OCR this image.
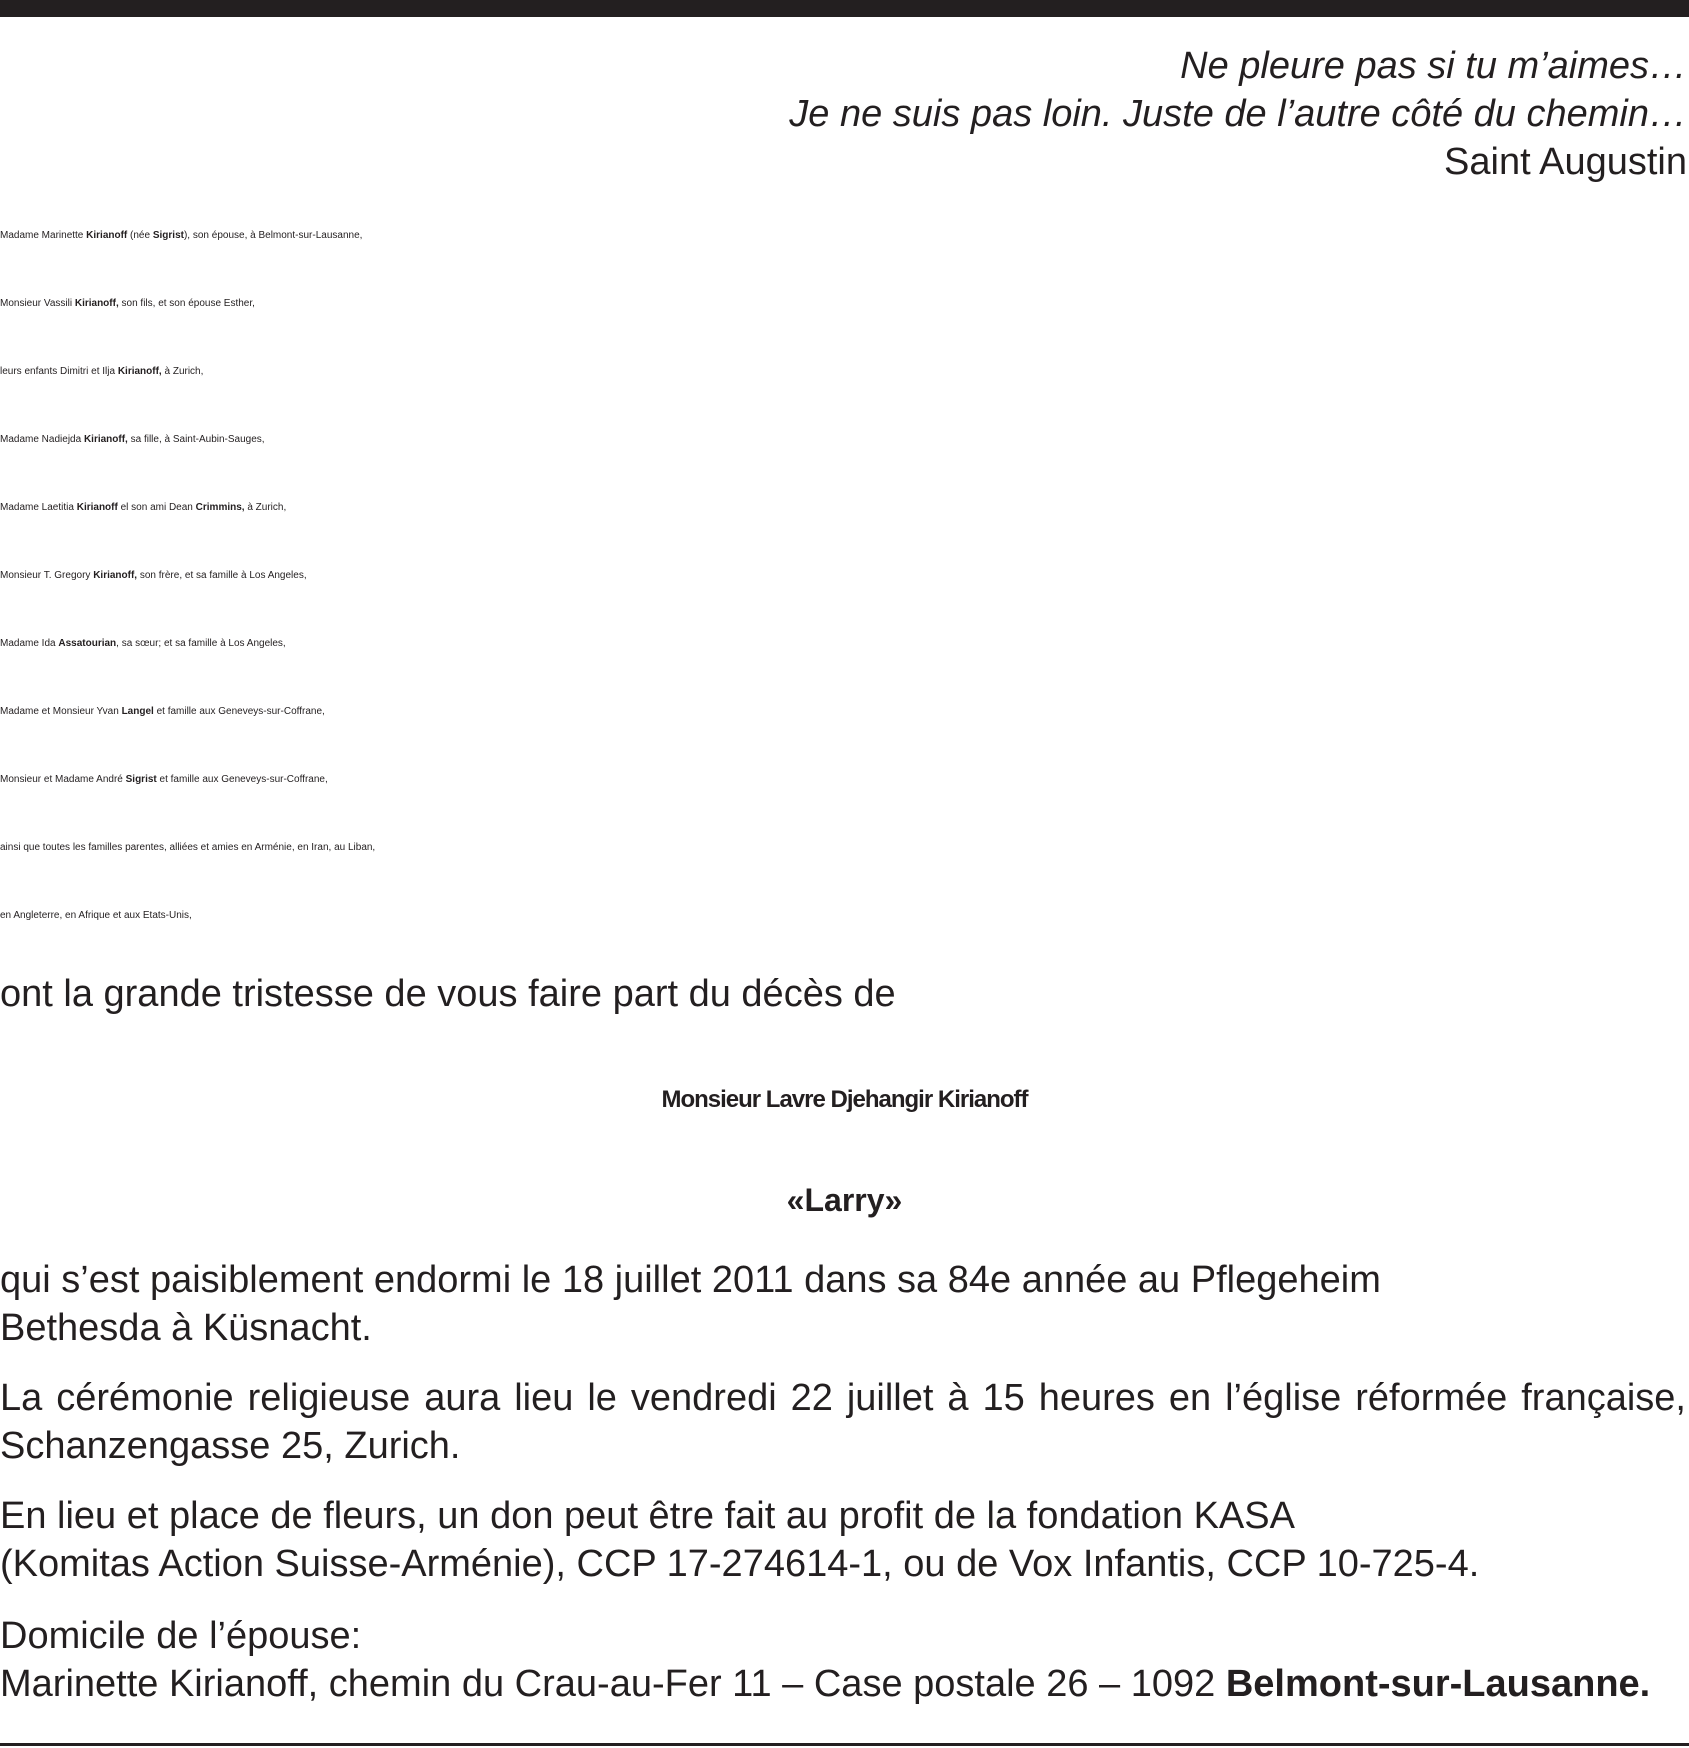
Ne pleure pas si tu m’aimes…
Je ne suis pas loin. Juste de l’autre côté du chemin…
Saint Augustin
Madame Marinette Kirianoff (née Sigrist), son épouse, à Belmont-sur-Lausanne,
Monsieur Vassili Kirianoff, son fils, et son épouse Esther,
leurs enfants Dimitri et Ilja Kirianoff, à Zurich,
Madame Nadiejda Kirianoff, sa fille, à Saint-Aubin-Sauges,
Madame Laetitia Kirianoff el son ami Dean Crimmins, à Zurich,
Monsieur T. Gregory Kirianoff, son frère, et sa famille à Los Angeles,
Madame Ida Assatourian, sa sœur; et sa famille à Los Angeles,
Madame et Monsieur Yvan Langel et famille aux Geneveys-sur-Coffrane,
Monsieur et Madame André Sigrist et famille aux Geneveys-sur-Coffrane,
ainsi que toutes les familles parentes, alliées et amies en Arménie, en Iran, au Liban,
en Angleterre, en Afrique et aux Etats-Unis,
ont la grande tristesse de vous faire part du décès de
Monsieur Lavre Djehangir Kirianoff
«Larry»
qui s’est paisiblement endormi le 18 juillet 2011 dans sa 84e année au Pflegeheim
Bethesda à Küsnacht.
La cérémonie religieuse aura lieu le vendredi 22 juillet à 15 heures en l’église réformée française,
Schanzengasse 25, Zurich.
En lieu et place de fleurs, un don peut être fait au profit de la fondation KASA
(Komitas Action Suisse-Arménie), CCP 17-274614-1, ou de Vox Infantis, CCP 10-725-4.
Domicile de l’épouse:
Marinette Kirianoff, chemin du Crau-au-Fer 11 – Case postale 26 – 1092 Belmont-sur-Lausanne.
